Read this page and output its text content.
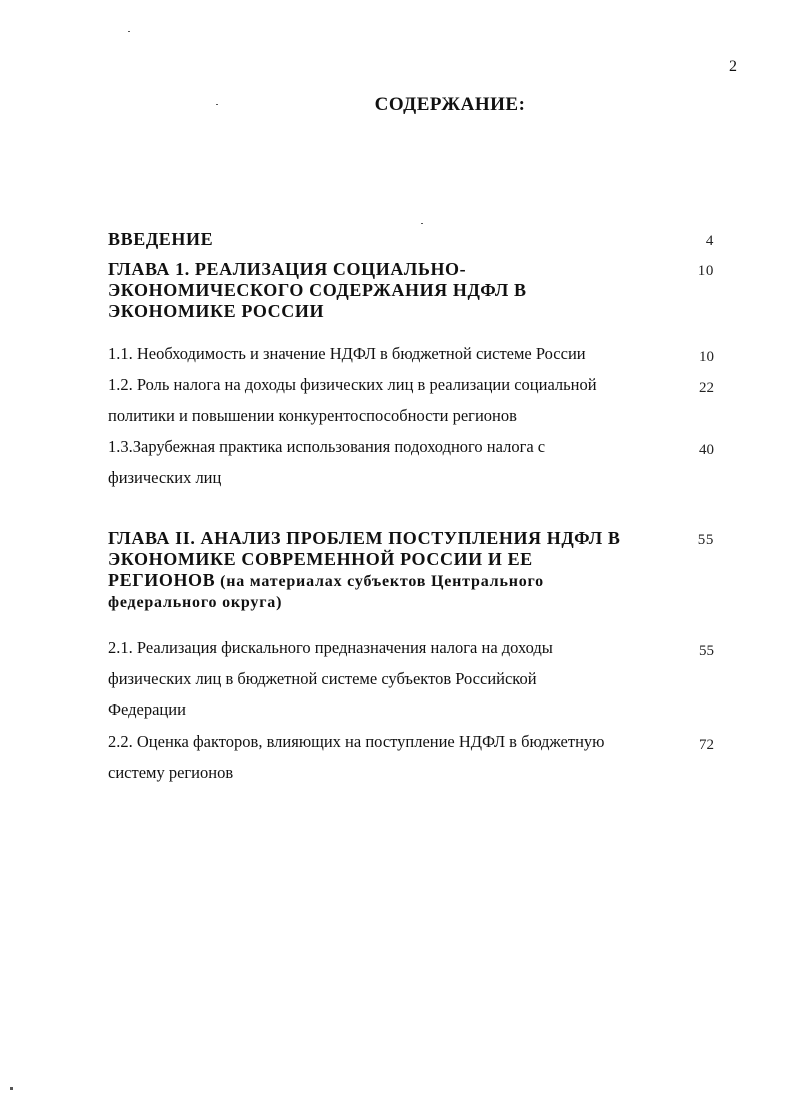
2
СОДЕРЖАНИЕ:
ВВЕДЕНИЕ	4
ГЛАВА 1. РЕАЛИЗАЦИЯ СОЦИАЛЬНО-
ЭКОНОМИЧЕСКОГО СОДЕРЖАНИЯ НДФЛ В
ЭКОНОМИКЕ РОССИИ
10
1.1. Необходимость и значение НДФЛ в бюджетной системе России	10
1.2. Роль налога на доходы физических лиц в реализации социальной
политики и повышении конкурентоспособности регионов
22
1.3.Зарубежная практика использования подоходного налога с
физических лиц
40
ГЛАВА II. АНАЛИЗ ПРОБЛЕМ ПОСТУПЛЕНИЯ НДФЛ В
ЭКОНОМИКЕ СОВРЕМЕННОЙ РОССИИ И ЕЕ
РЕГИОНОВ (на материалах субъектов Центрального
федерального округа)
55
2.1. Реализация фискального предназначения налога на доходы
физических лиц в бюджетной системе субъектов Российской
Федерации
55
2.2. Оценка факторов, влияющих на поступление НДФЛ в бюджетную
систему регионов
72
